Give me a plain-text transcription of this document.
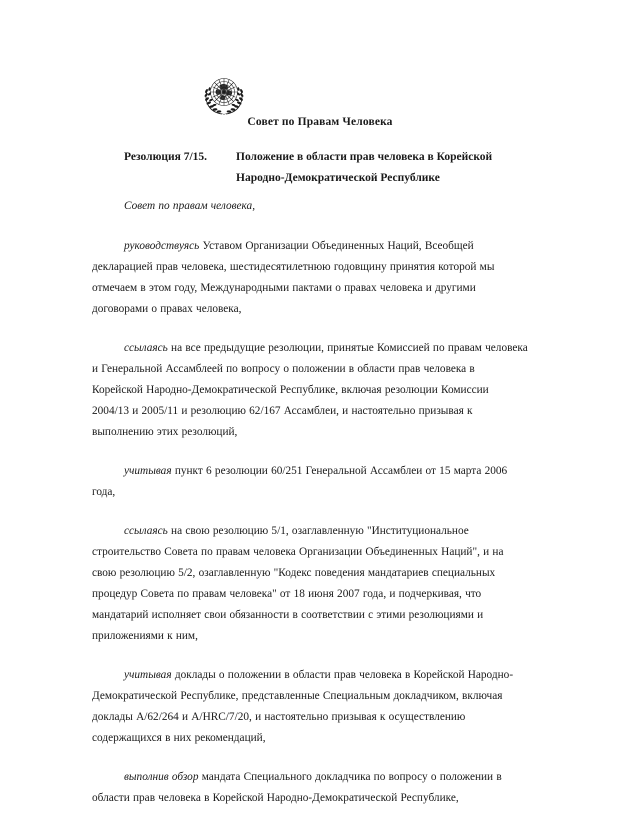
Совет по Правам Человека
Резолюция 7/15.	Положение в области прав человека в Корейской Народно-Демократической Республике

Совет по правам человека,

руководствуясь Уставом Организации Объединенных Наций, Всеобщей декларацией прав человека, шестидесятилетнюю годовщину принятия которой мы отмечаем в этом году, Международными пактами о правах человека и другими договорами о правах человека,

ссылаясь на все предыдущие резолюции, принятые Комиссией по правам человека и Генеральной Ассамблеей по вопросу о положении в области прав человека в Корейской Народно-Демократической Республике, включая резолюции Комиссии 2004/13 и 2005/11 и резолюцию 62/167 Ассамблеи, и настоятельно призывая к выполнению этих резолюций,

учитывая пункт 6 резолюции 60/251 Генеральной Ассамблеи от 15 марта 2006 года,

ссылаясь на свою резолюцию 5/1, озаглавленную "Институциональное строительство Совета по правам человека Организации Объединенных Наций", и на свою резолюцию 5/2, озаглавленную "Кодекс поведения мандатариев специальных процедур Совета по правам человека" от 18 июня 2007 года, и подчеркивая, что мандатарий исполняет свои обязанности в соответствии с этими резолюциями и приложениями к ним,

учитывая доклады о положении в области прав человека в Корейской Народно-Демократической Республике, представленные Специальным докладчиком, включая доклады A/62/264 и A/HRC/7/20, и настоятельно призывая к осуществлению содержащихся в них рекомендаций,

выполнив обзор мандата Специального докладчика по вопросу о положении в области прав человека в Корейской Народно-Демократической Республике,
